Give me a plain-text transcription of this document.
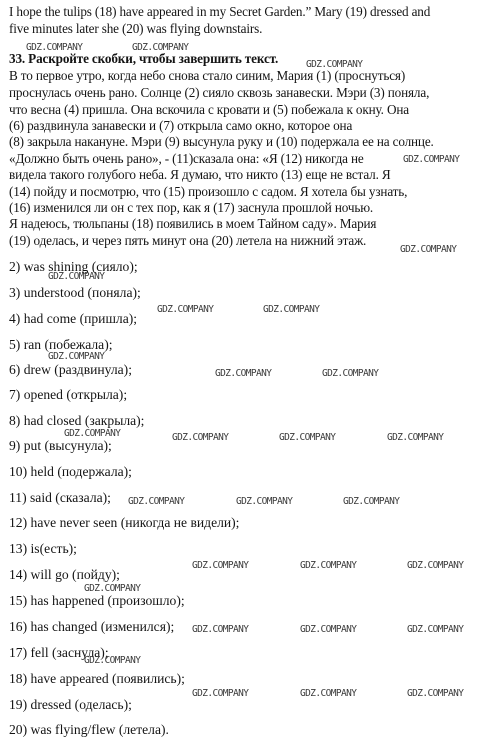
I hope the tulips (18) have appeared in my Secret Garden.” Mary (19) dressed and
five minutes later she (20) was flying downstairs.
33. Раскройте скобки, чтобы завершить текст.
В то первое утро, когда небо снова стало синим, Мария (1) (проснуться)
проснулась очень рано. Солнце (2) сияло сквозь занавески. Мэри (3) поняла,
что весна (4) пришла. Она вскочила с кровати и (5) побежала к окну. Она
(6) раздвинула занавески и (7) открыла само окно, которое она
(8) закрыла накануне. Мэри (9) высунула руку и (10) подержала ее на солнце.
«Должно быть очень рано», - (11)сказала она: «Я (12) никогда не
видела такого голубого неба. Я думаю, что никто (13) еще не встал. Я
(14) пойду и посмотрю, что (15) произошло с садом. Я хотела бы узнать,
(16) изменился ли он с тех пор, как я (17) заснула прошлой ночью.
Я надеюсь, тюльпаны (18) появились в моем Тайном саду». Мария
(19) оделась, и через пять минут она (20) летела на нижний этаж.
2) was shining (сияло);
3) understood (поняла);
4) had come (пришла);
5) ran (побежала);
6) drew (раздвинула);
7) opened (открыла);
8) had closed (закрыла);
9) put (высунула);
10) held (подержала);
11) said (сказала);
12) have never seen (никогда не видели);
13) is(есть);
14) will go (пойду);
15) has happened (произошло);
16) has changed (изменился);
17) fell (заснула);
18) have appeared (появились);
19) dressed (оделась);
20) was flying/flew (летела).
GDZ.COMPANY	GDZ.COMPANY
GDZ.COMPANY
GDZ.COMPANY
GDZ.COMPANY
GDZ.COMPANY
GDZ.COMPANY	GDZ.COMPANY
GDZ.COMPANY
GDZ.COMPANY	GDZ.COMPANY
GDZ.COMPANY	GDZ.COMPANY	GDZ.COMPANY	GDZ.COMPANY
GDZ.COMPANY	GDZ.COMPANY	GDZ.COMPANY
GDZ.COMPANY	GDZ.COMPANY	GDZ.COMPANY
GDZ.COMPANY
GDZ.COMPANY	GDZ.COMPANY	GDZ.COMPANY
GDZ.COMPANY
GDZ.COMPANY	GDZ.COMPANY	GDZ.COMPANY
